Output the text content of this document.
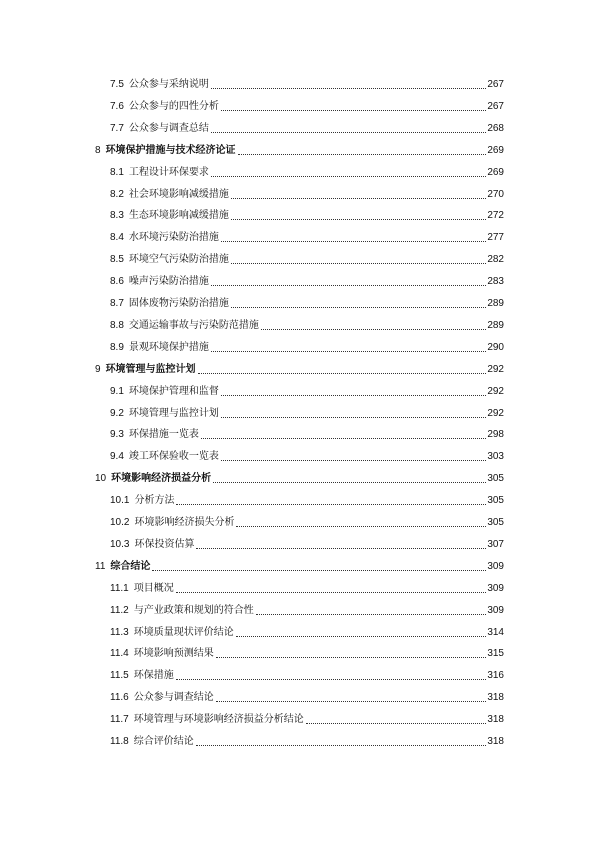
7.5 公众参与采纳说明	267
7.6 公众参与的四性分析	267
7.7 公众参与调查总结	268
8 环境保护措施与技术经济论证	269
8.1 工程设计环保要求	269
8.2 社会环境影响减缓措施	270
8.3 生态环境影响减缓措施	272
8.4 水环境污染防治措施	277
8.5 环境空气污染防治措施	282
8.6 噪声污染防治措施	283
8.7 固体废物污染防治措施	289
8.8 交通运输事故与污染防范措施	289
8.9 景观环境保护措施	290
9 环境管理与监控计划	292
9.1 环境保护管理和监督	292
9.2 环境管理与监控计划	292
9.3 环保措施一览表	298
9.4 竣工环保验收一览表	303
10 环境影响经济损益分析	305
10.1 分析方法	305
10.2 环境影响经济损失分析	305
10.3 环保投资估算	307
11 综合结论	309
11.1 项目概况	309
11.2 与产业政策和规划的符合性	309
11.3 环境质量现状评价结论	314
11.4 环境影响预测结果	315
11.5 环保措施	316
11.6 公众参与调查结论	318
11.7 环境管理与环境影响经济损益分析结论	318
11.8 综合评价结论	318
